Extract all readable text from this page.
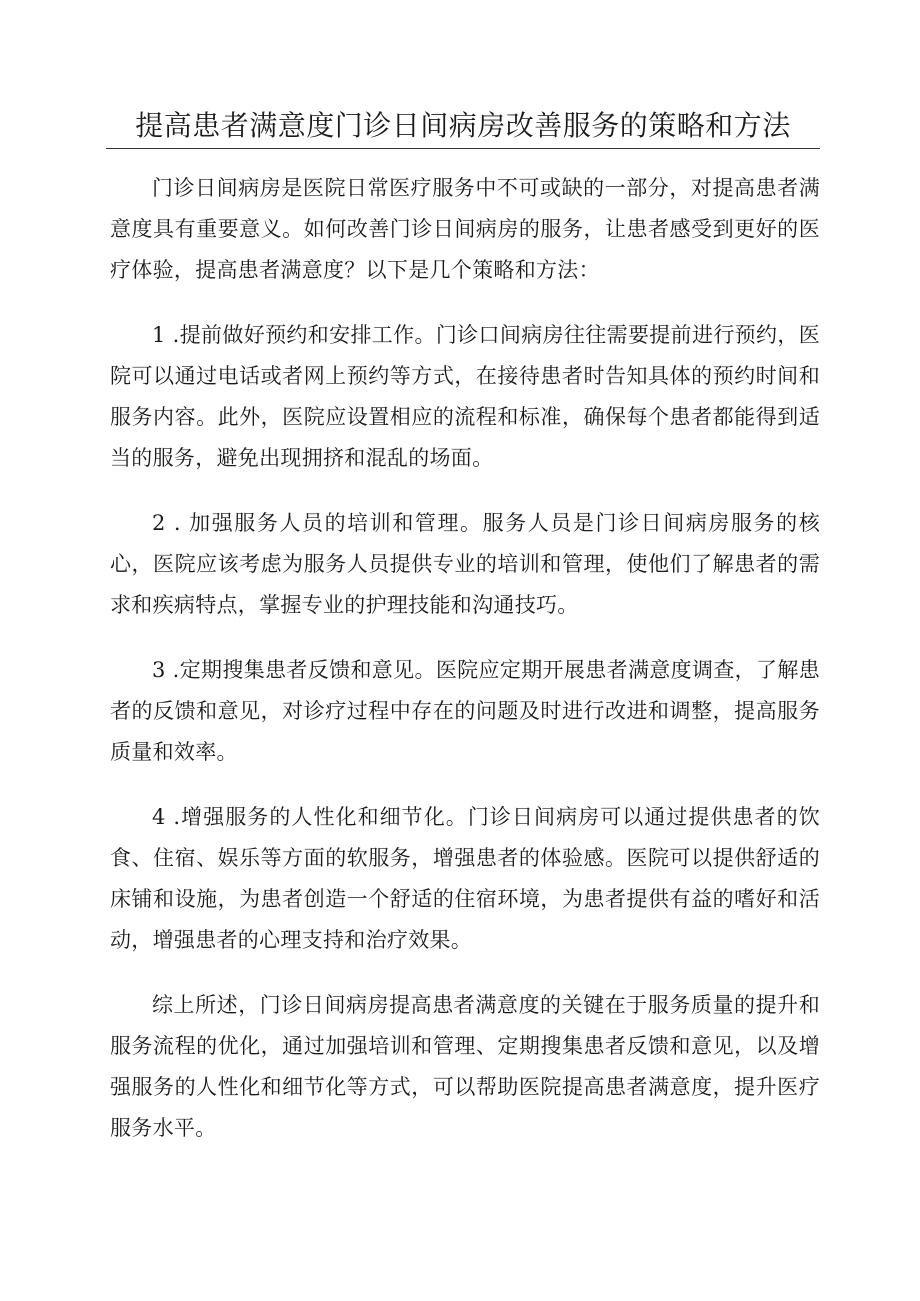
提高患者满意度门诊日间病房改善服务的策略和方法

门诊日间病房是医院日常医疗服务中不可或缺的一部分，对提高患者满意度具有重要意义。如何改善门诊日间病房的服务，让患者感受到更好的医疗体验，提高患者满意度？以下是几个策略和方法：

1 .提前做好预约和安排工作。门诊口间病房往往需要提前进行预约，医院可以通过电话或者网上预约等方式，在接待患者时告知具体的预约时间和服务内容。此外，医院应设置相应的流程和标准，确保每个患者都能得到适当的服务，避免出现拥挤和混乱的场面。

2 . 加强服务人员的培训和管理。服务人员是门诊日间病房服务的核心，医院应该考虑为服务人员提供专业的培训和管理，使他们了解患者的需求和疾病特点，掌握专业的护理技能和沟通技巧。

3 .定期搜集患者反馈和意见。医院应定期开展患者满意度调查，了解患者的反馈和意见，对诊疗过程中存在的问题及时进行改进和调整，提高服务质量和效率。

4 .增强服务的人性化和细节化。门诊日间病房可以通过提供患者的饮食、住宿、娱乐等方面的软服务，增强患者的体验感。医院可以提供舒适的床铺和设施，为患者创造一个舒适的住宿环境，为患者提供有益的嗜好和活动，增强患者的心理支持和治疗效果。

综上所述，门诊日间病房提高患者满意度的关键在于服务质量的提升和服务流程的优化，通过加强培训和管理、定期搜集患者反馈和意见，以及增强服务的人性化和细节化等方式，可以帮助医院提高患者满意度，提升医疗服务水平。
